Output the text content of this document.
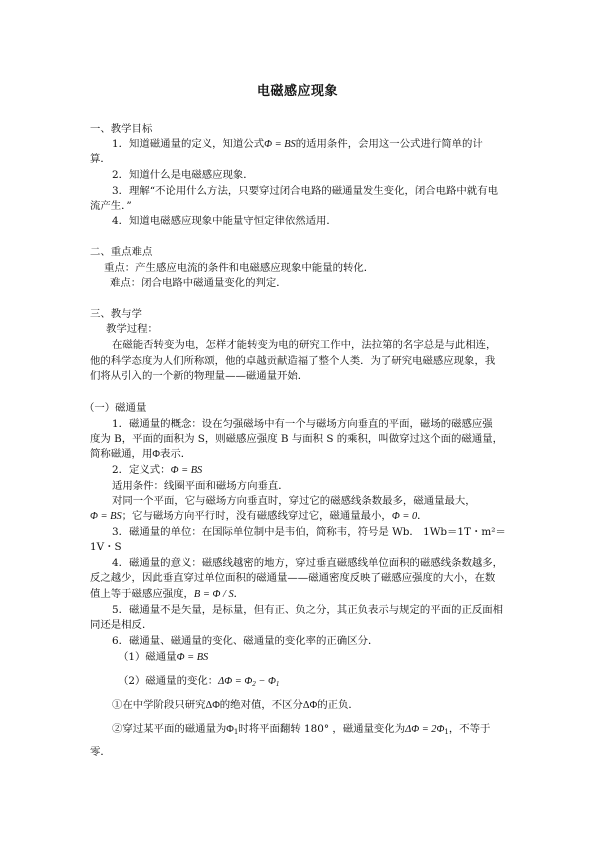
电磁感应现象
一、教学目标
1．知道磁通量的定义，知道公式Φ = BS的适用条件，会用这一公式进行简单的计
算．
2．知道什么是电磁感应现象．
3．理解“不论用什么方法，只要穿过闭合电路的磁通量发生变化，闭合电路中就有电
流产生．”
4．知道电磁感应现象中能量守恒定律依然适用．
二、重点难点
重点：产生感应电流的条件和电磁感应现象中能量的转化．
难点：闭合电路中磁通量变化的判定．
三、教与学
教学过程：
在磁能否转变为电，怎样才能转变为电的研究工作中，法拉第的名字总是与此相连，
他的科学态度为人们所称颂，他的卓越贡献造福了整个人类．为了研究电磁感应现象，我
们将从引入的一个新的物理量——磁通量开始．
（一）磁通量
1．磁通量的概念：设在匀强磁场中有一个与磁场方向垂直的平面，磁场的磁感应强
度为 B，平面的面积为 S，则磁感应强度 B 与面积 S 的乘积，叫做穿过这个面的磁通量，
简称磁通，用Φ表示．
2．定义式：Φ = BS
适用条件：线圈平面和磁场方向垂直．
对同一个平面，它与磁场方向垂直时，穿过它的磁感线条数最多，磁通量最大，
Φ = BS；它与磁场方向平行时，没有磁感线穿过它，磁通量最小，Φ = 0．
3．磁通量的单位：在国际单位制中是韦伯，简称韦，符号是 Wb． 1Wb＝1T・m²＝
1V・S
4．磁通量的意义：磁感线越密的地方，穿过垂直磁感线单位面积的磁感线条数越多，
反之越少，因此垂直穿过单位面积的磁通量——磁通密度反映了磁感应强度的大小，在数
值上等于磁感应强度，B = Φ / S．
5．磁通量不是矢量，是标量，但有正、负之分，其正负表示与规定的平面的正反面相
同还是相反．
6．磁通量、磁通量的变化、磁通量的变化率的正确区分．
（1）磁通量Φ = BS
（2）磁通量的变化：$\Delta\Phi = \Phi_2 - \Phi_1$
①在中学阶段只研究ΔΦ的绝对值，不区分ΔΦ的正负．
②穿过某平面的磁通量为$\Phi_1$时将平面翻转 180° ，磁通量变化为$\Delta\Phi = 2\Phi_1$，不等于
零．
